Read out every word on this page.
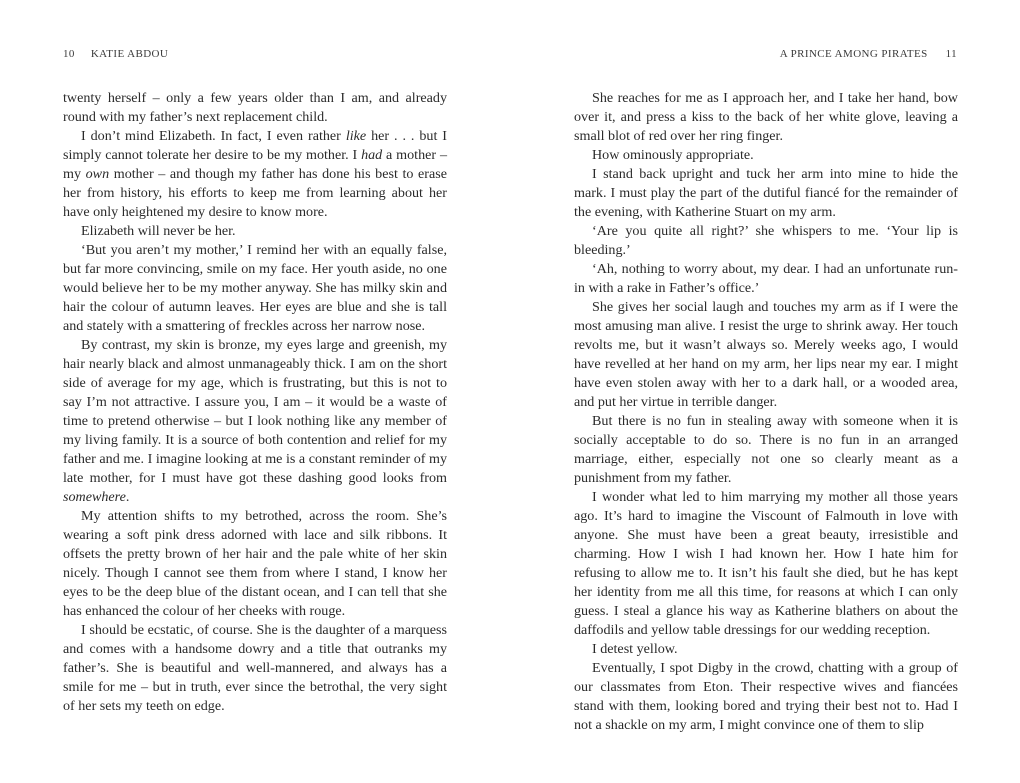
10 KATIE ABDOU

twenty herself – only a few years older than I am, and already round with my father’s next replacement child.

I don’t mind Elizabeth. In fact, I even rather like her . . . but I simply cannot tolerate her desire to be my mother. I had a mother – my own mother – and though my father has done his best to erase her from history, his efforts to keep me from learning about her have only heightened my desire to know more.

Elizabeth will never be her.

‘But you aren’t my mother,’ I remind her with an equally false, but far more convincing, smile on my face. Her youth aside, no one would believe her to be my mother anyway. She has milky skin and hair the colour of autumn leaves. Her eyes are blue and she is tall and stately with a smattering of freckles across her narrow nose.

By contrast, my skin is bronze, my eyes large and greenish, my hair nearly black and almost unmanageably thick. I am on the short side of average for my age, which is frustrating, but this is not to say I’m not attractive. I assure you, I am – it would be a waste of time to pretend otherwise – but I look nothing like any member of my living family. It is a source of both contention and relief for my father and me. I imagine looking at me is a constant reminder of my late mother, for I must have got these dashing good looks from somewhere.

My attention shifts to my betrothed, across the room. She’s wearing a soft pink dress adorned with lace and silk ribbons. It offsets the pretty brown of her hair and the pale white of her skin nicely. Though I cannot see them from where I stand, I know her eyes to be the deep blue of the distant ocean, and I can tell that she has enhanced the colour of her cheeks with rouge.

I should be ecstatic, of course. She is the daughter of a marquess and comes with a handsome dowry and a title that outranks my father’s. She is beautiful and well-mannered, and always has a smile for me – but in truth, ever since the betrothal, the very sight of her sets my teeth on edge.

A PRINCE AMONG PIRATES 11

She reaches for me as I approach her, and I take her hand, bow over it, and press a kiss to the back of her white glove, leaving a small blot of red over her ring finger.

How ominously appropriate.

I stand back upright and tuck her arm into mine to hide the mark. I must play the part of the dutiful fiancé for the remainder of the evening, with Katherine Stuart on my arm.

‘Are you quite all right?’ she whispers to me. ‘Your lip is bleeding.’

‘Ah, nothing to worry about, my dear. I had an unfortunate run-in with a rake in Father’s office.’

She gives her social laugh and touches my arm as if I were the most amusing man alive. I resist the urge to shrink away. Her touch revolts me, but it wasn’t always so. Merely weeks ago, I would have revelled at her hand on my arm, her lips near my ear. I might have even stolen away with her to a dark hall, or a wooded area, and put her virtue in terrible danger.

But there is no fun in stealing away with someone when it is socially acceptable to do so. There is no fun in an arranged marriage, either, especially not one so clearly meant as a punishment from my father.

I wonder what led to him marrying my mother all those years ago. It’s hard to imagine the Viscount of Falmouth in love with anyone. She must have been a great beauty, irresistible and charming. How I wish I had known her. How I hate him for refusing to allow me to. It isn’t his fault she died, but he has kept her identity from me all this time, for reasons at which I can only guess. I steal a glance his way as Katherine blathers on about the daffodils and yellow table dressings for our wedding reception.

I detest yellow.

Eventually, I spot Digby in the crowd, chatting with a group of our classmates from Eton. Their respective wives and fiancées stand with them, looking bored and trying their best not to. Had I not a shackle on my arm, I might convince one of them to slip
